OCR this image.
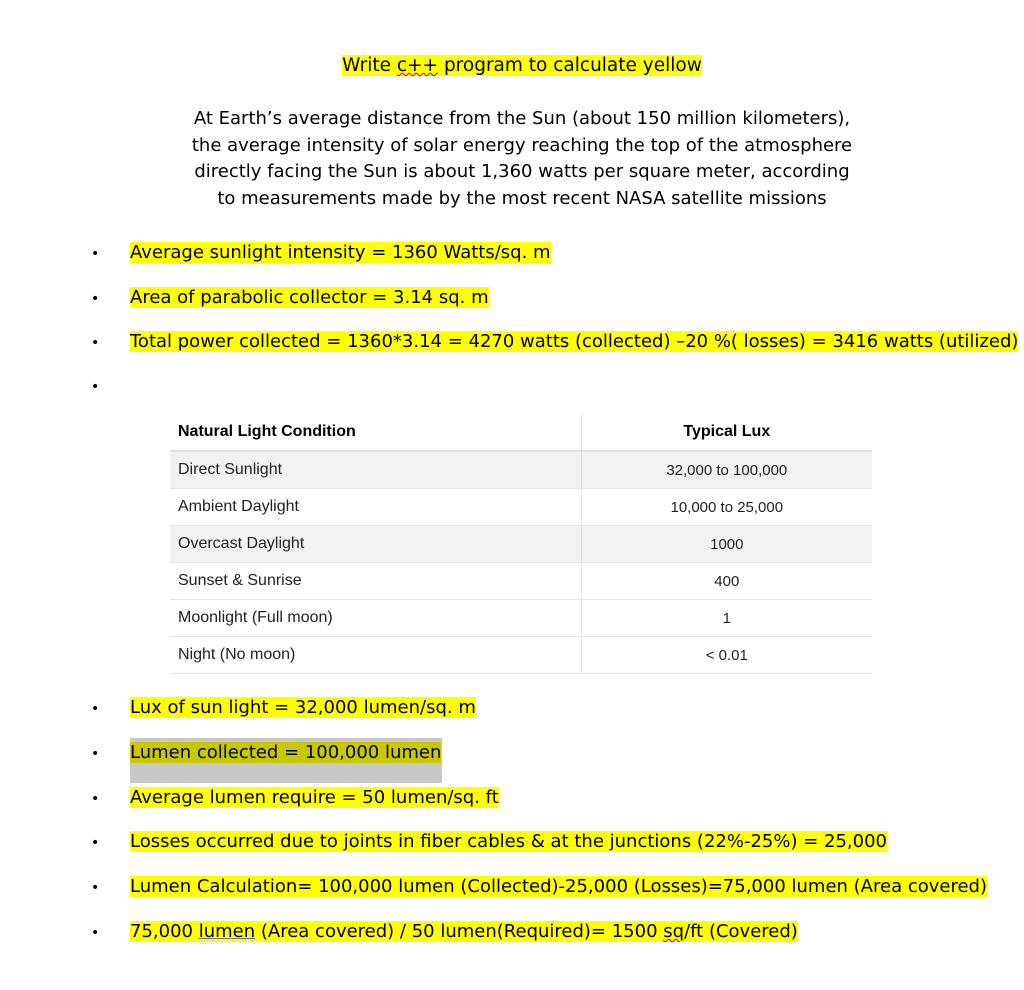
Write c++ program to calculate yellow
At Earth’s average distance from the Sun (about 150 million kilometers), the average intensity of solar energy reaching the top of the atmosphere directly facing the Sun is about 1,360 watts per square meter, according to measurements made by the most recent NASA satellite missions
• Average sunlight intensity = 1360 Watts/sq. m
• Area of parabolic collector = 3.14 sq. m
• Total power collected = 1360*3.14 = 4270 watts (collected) –20 %( losses) = 3416 watts (utilized)
•
Natural Light Condition	Typical Lux
Direct Sunlight	32,000 to 100,000
Ambient Daylight	10,000 to 25,000
Overcast Daylight	1000
Sunset & Sunrise	400
Moonlight (Full moon)	1
Night (No moon)	< 0.01
• Lux of sun light = 32,000 lumen/sq. m
• Lumen collected = 100,000 lumen
• Average lumen require = 50 lumen/sq. ft
• Losses occurred due to joints in fiber cables & at the junctions (22%-25%) = 25,000
• Lumen Calculation= 100,000 lumen (Collected)-25,000 (Losses)=75,000 lumen (Area covered)
• 75,000 lumen (Area covered) / 50 lumen(Required)= 1500 sq/ft (Covered)
